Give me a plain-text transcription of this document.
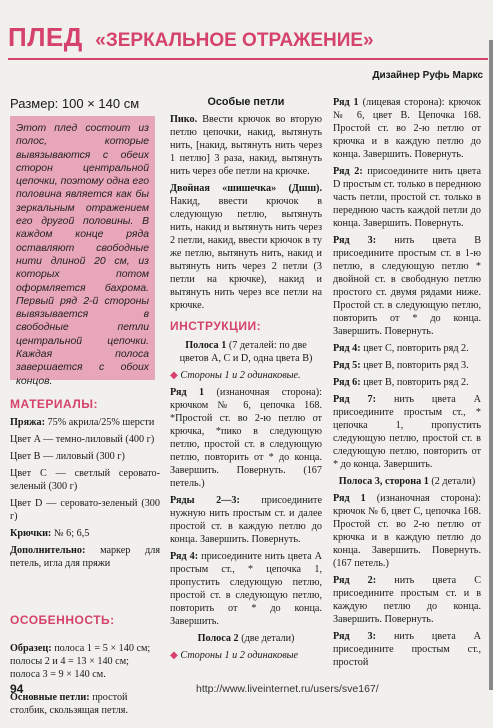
ПЛЕД «ЗЕРКАЛЬНОЕ ОТРАЖЕНИЕ»
Дизайнер Руфь Маркс
Размер: 100 × 140 см

Этот плед состоит из полос, которые вывязываются с обеих сторон центральной цепочки, поэтому одна его половина является как бы зеркальным отражением его другой половины. В каждом конце ряда оставляют свободные нити длиной 20 см, из которых потом оформляется бахрома. Первый ряд 2-й стороны вывязывается в свободные петли центральной цепочки. Каждая полоса завершается с обоих концов.

МАТЕРИАЛЫ:

Пряжа: 75% акрила/25% шерсти

Цвет A — темно-лиловый (400 г)

Цвет B — лиловый (300 г)

Цвет C — светлый серовато-зеленый (300 г)

Цвет D — серовато-зеленый (300 г)

Крючки: № 6; 6,5

Дополнительно: маркер для петель, игла для пряжи

ОСОБЕННОСТЬ:

Образец: полоса 1 = 5 × 140 см; полосы 2 и 4 = 13 × 140 см; полоса 3 = 9 × 140 см.

Основные петли: простой столбик, скользящая петля.

Особые петли

Пико. Ввести крючок во вторую петлю цепочки, накид, вытянуть нить, [накид, вытянуть нить через 1 петлю] 3 раза, накид, вытянуть нить через обе петли на крючке.

Двойная «шишечка» (Дшш). Накид, ввести крючок в следующую петлю, вытянуть нить, накид и вытянуть нить через 2 петли, накид, ввести крючок в ту же петлю, вытянуть нить, накид и вытянуть нить через 2 петли (3 петли на крючке), накид и вытянуть нить через все петли на крючке.

ИНСТРУКЦИИ:

Полоса 1 (7 деталей: по две цветов A, C и D, одна цвета B)

◆ Стороны 1 и 2 одинаковые.

Ряд 1 (изнаночная сторона): крючком № 6, цепочка 168. *Простой ст. во 2-ю петлю от крючка, *пико в следующую петлю, простой ст. в следующую петлю, повторить от * до конца. Завершить. Повернуть. (167 петель.)

Ряды 2—3: присоедините нужную нить простым ст. и далее простой ст. в каждую петлю до конца. Завершить. Повернуть.

Ряд 4: присоедините нить цвета A простым ст., * цепочка 1, пропустить следующую петлю, простой ст. в следующую петлю, повторить от * до конца. Завершить.

Полоса 2 (две детали)

◆ Стороны 1 и 2 одинаковые

Ряд 1 (лицевая сторона): крючок № 6, цвет B. Цепочка 168. Простой ст. во 2-ю петлю от крючка и в каждую петлю до конца. Завершить. Повернуть.

Ряд 2: присоедините нить цвета D простым ст. только в переднюю часть петли, простой ст. только в переднюю часть каждой петли до конца. Завершить. Повернуть.

Ряд 3: нить цвета B присоедините простым ст. в 1-ю петлю, в следующую петлю * двойной ст. в свободную петлю простого ст. двумя рядами ниже. Простой ст. в следующую петлю, повторить от * до конца. Завершить. Повернуть.

Ряд 4: цвет C, повторить ряд 2.

Ряд 5: цвет B, повторить ряд 3.

Ряд 6: цвет B, повторить ряд 2.

Ряд 7: нить цвета A присоедините простым ст., * цепочка 1, пропустить следующую петлю, простой ст. в следующую петлю, повторить от * до конца. Завершить.

Полоса 3, сторона 1 (2 детали)

Ряд 1 (изнаночная сторона): крючок № 6, цвет C, цепочка 168. Простой ст. во 2-ю петлю от крючка и в каждую петлю до конца. Завершить. Повернуть. (167 петель.)

Ряд 2: нить цвета C присоедините простым ст. и в каждую петлю до конца. Завершить. Повернуть.

Ряд 3: нить цвета A присоедините простым ст., простой

94	http://www.liveinternet.ru/users/sve167/
